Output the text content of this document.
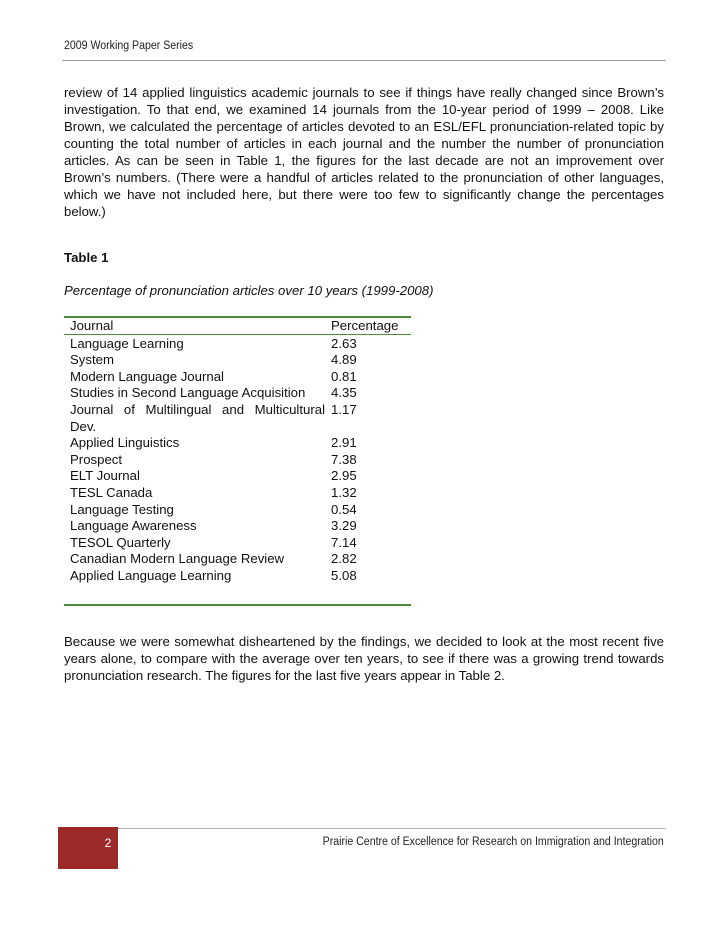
2009 Working Paper Series

review of 14 applied linguistics academic journals to see if things have really changed since Brown’s investigation. To that end, we examined 14 journals from the 10-year period of 1999 – 2008. Like Brown, we calculated the percentage of articles devoted to an ESL/EFL pronunciation-related topic by counting the total number of articles in each journal and the number the number of pronunciation articles. As can be seen in Table 1, the figures for the last decade are not an improvement over Brown’s numbers. (There were a handful of articles related to the pronunciation of other languages, which we have not included here, but there were too few to significantly change the percentages below.)

Table 1
Percentage of pronunciation articles over 10 years (1999-2008)
Journal	Percentage
Language Learning	2.63
System	4.89
Modern Language Journal	0.81
Studies in Second Language Acquisition	4.35
Journal of Multilingual and Multicultural Dev.	1.17
Applied Linguistics	2.91
Prospect	7.38
ELT Journal	2.95
TESL Canada	1.32
Language Testing	0.54
Language Awareness	3.29
TESOL Quarterly	7.14
Canadian Modern Language Review	2.82
Applied Language Learning	5.08

Because we were somewhat disheartened by the findings, we decided to look at the most recent five years alone, to compare with the average over ten years, to see if there was a growing trend towards pronunciation research. The figures for the last five years appear in Table 2.

2	Prairie Centre of Excellence for Research on Immigration and Integration
